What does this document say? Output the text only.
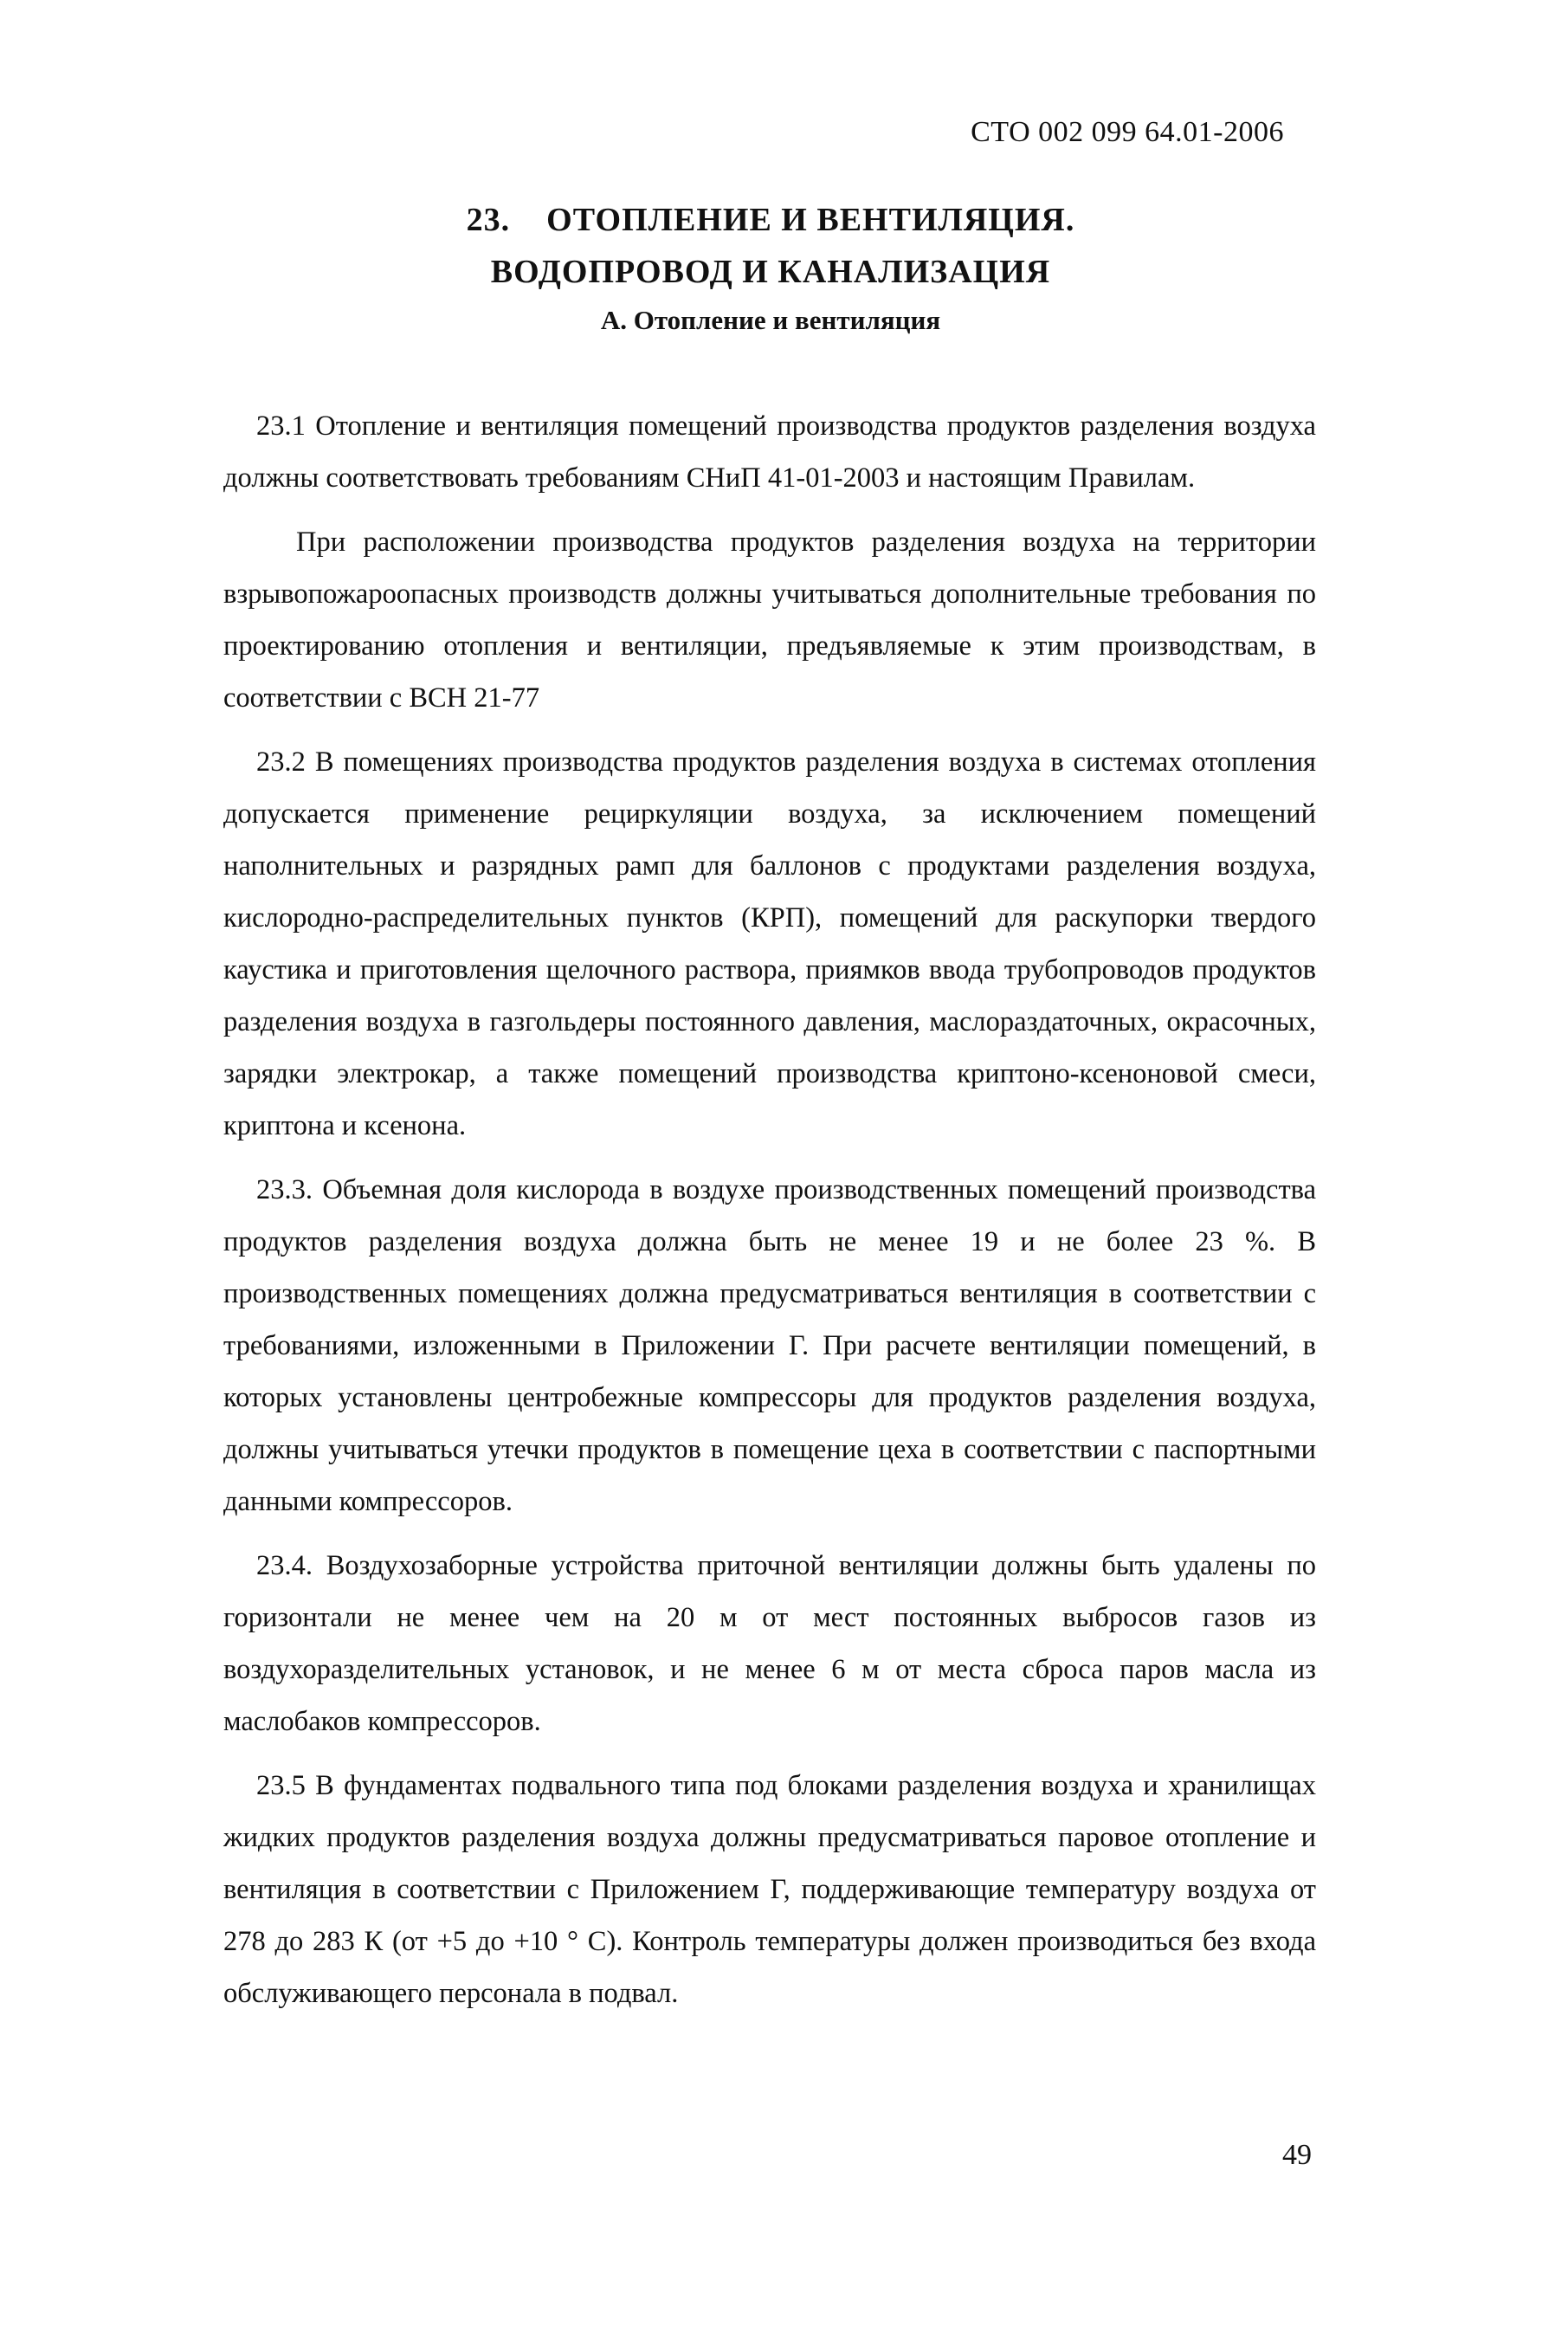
СТО 002 099 64.01-2006
23. ОТОПЛЕНИЕ И ВЕНТИЛЯЦИЯ.
ВОДОПРОВОД И КАНАЛИЗАЦИЯ
А. Отопление и вентиляция

23.1 Отопление и вентиляция помещений производства продуктов разделения воздуха должны соответствовать требованиям СНиП 41-01-2003 и настоящим Правилам.

При расположении производства продуктов разделения воздуха на территории взрывопожароопасных производств должны учитываться дополнительные требования по проектированию отопления и вентиляции, предъявляемые к этим производствам, в соответствии с ВСН 21-77

23.2 В помещениях производства продуктов разделения воздуха в системах отопления допускается применение рециркуляции воздуха, за исключением помещений наполнительных и разрядных рамп для баллонов с продуктами разделения воздуха, кислородно-распределительных пунктов (КРП), помещений для раскупорки твердого каустика и приготовления щелочного раствора, приямков ввода трубопроводов продуктов разделения воздуха в газгольдеры постоянного давления, маслораздаточных, окрасочных, зарядки электрокар, а также помещений производства криптоно-ксеноновой смеси, криптона и ксенона.

23.3. Объемная доля кислорода в воздухе производственных помещений производства продуктов разделения воздуха должна быть не менее 19 и не более 23 %. В производственных помещениях должна предусматриваться вентиляция в соответствии с требованиями, изложенными в Приложении Г. При расчете вентиляции помещений, в которых установлены центробежные компрессоры для продуктов разделения воздуха, должны учитываться утечки продуктов в помещение цеха в соответствии с паспортными данными компрессоров.

23.4. Воздухозаборные устройства приточной вентиляции должны быть удалены по горизонтали не менее чем на 20 м от мест постоянных выбросов газов из воздухоразделительных установок, и не менее 6 м от места сброса паров масла из маслобаков компрессоров.

23.5 В фундаментах подвального типа под блоками разделения воздуха и хранилищах жидких продуктов разделения воздуха должны предусматриваться паровое отопление и вентиляция в соответствии с Приложением Г, поддерживающие температуру воздуха от 278 до 283 К (от +5 до +10 ° С). Контроль температуры должен производиться без входа обслуживающего персонала в подвал.

49
